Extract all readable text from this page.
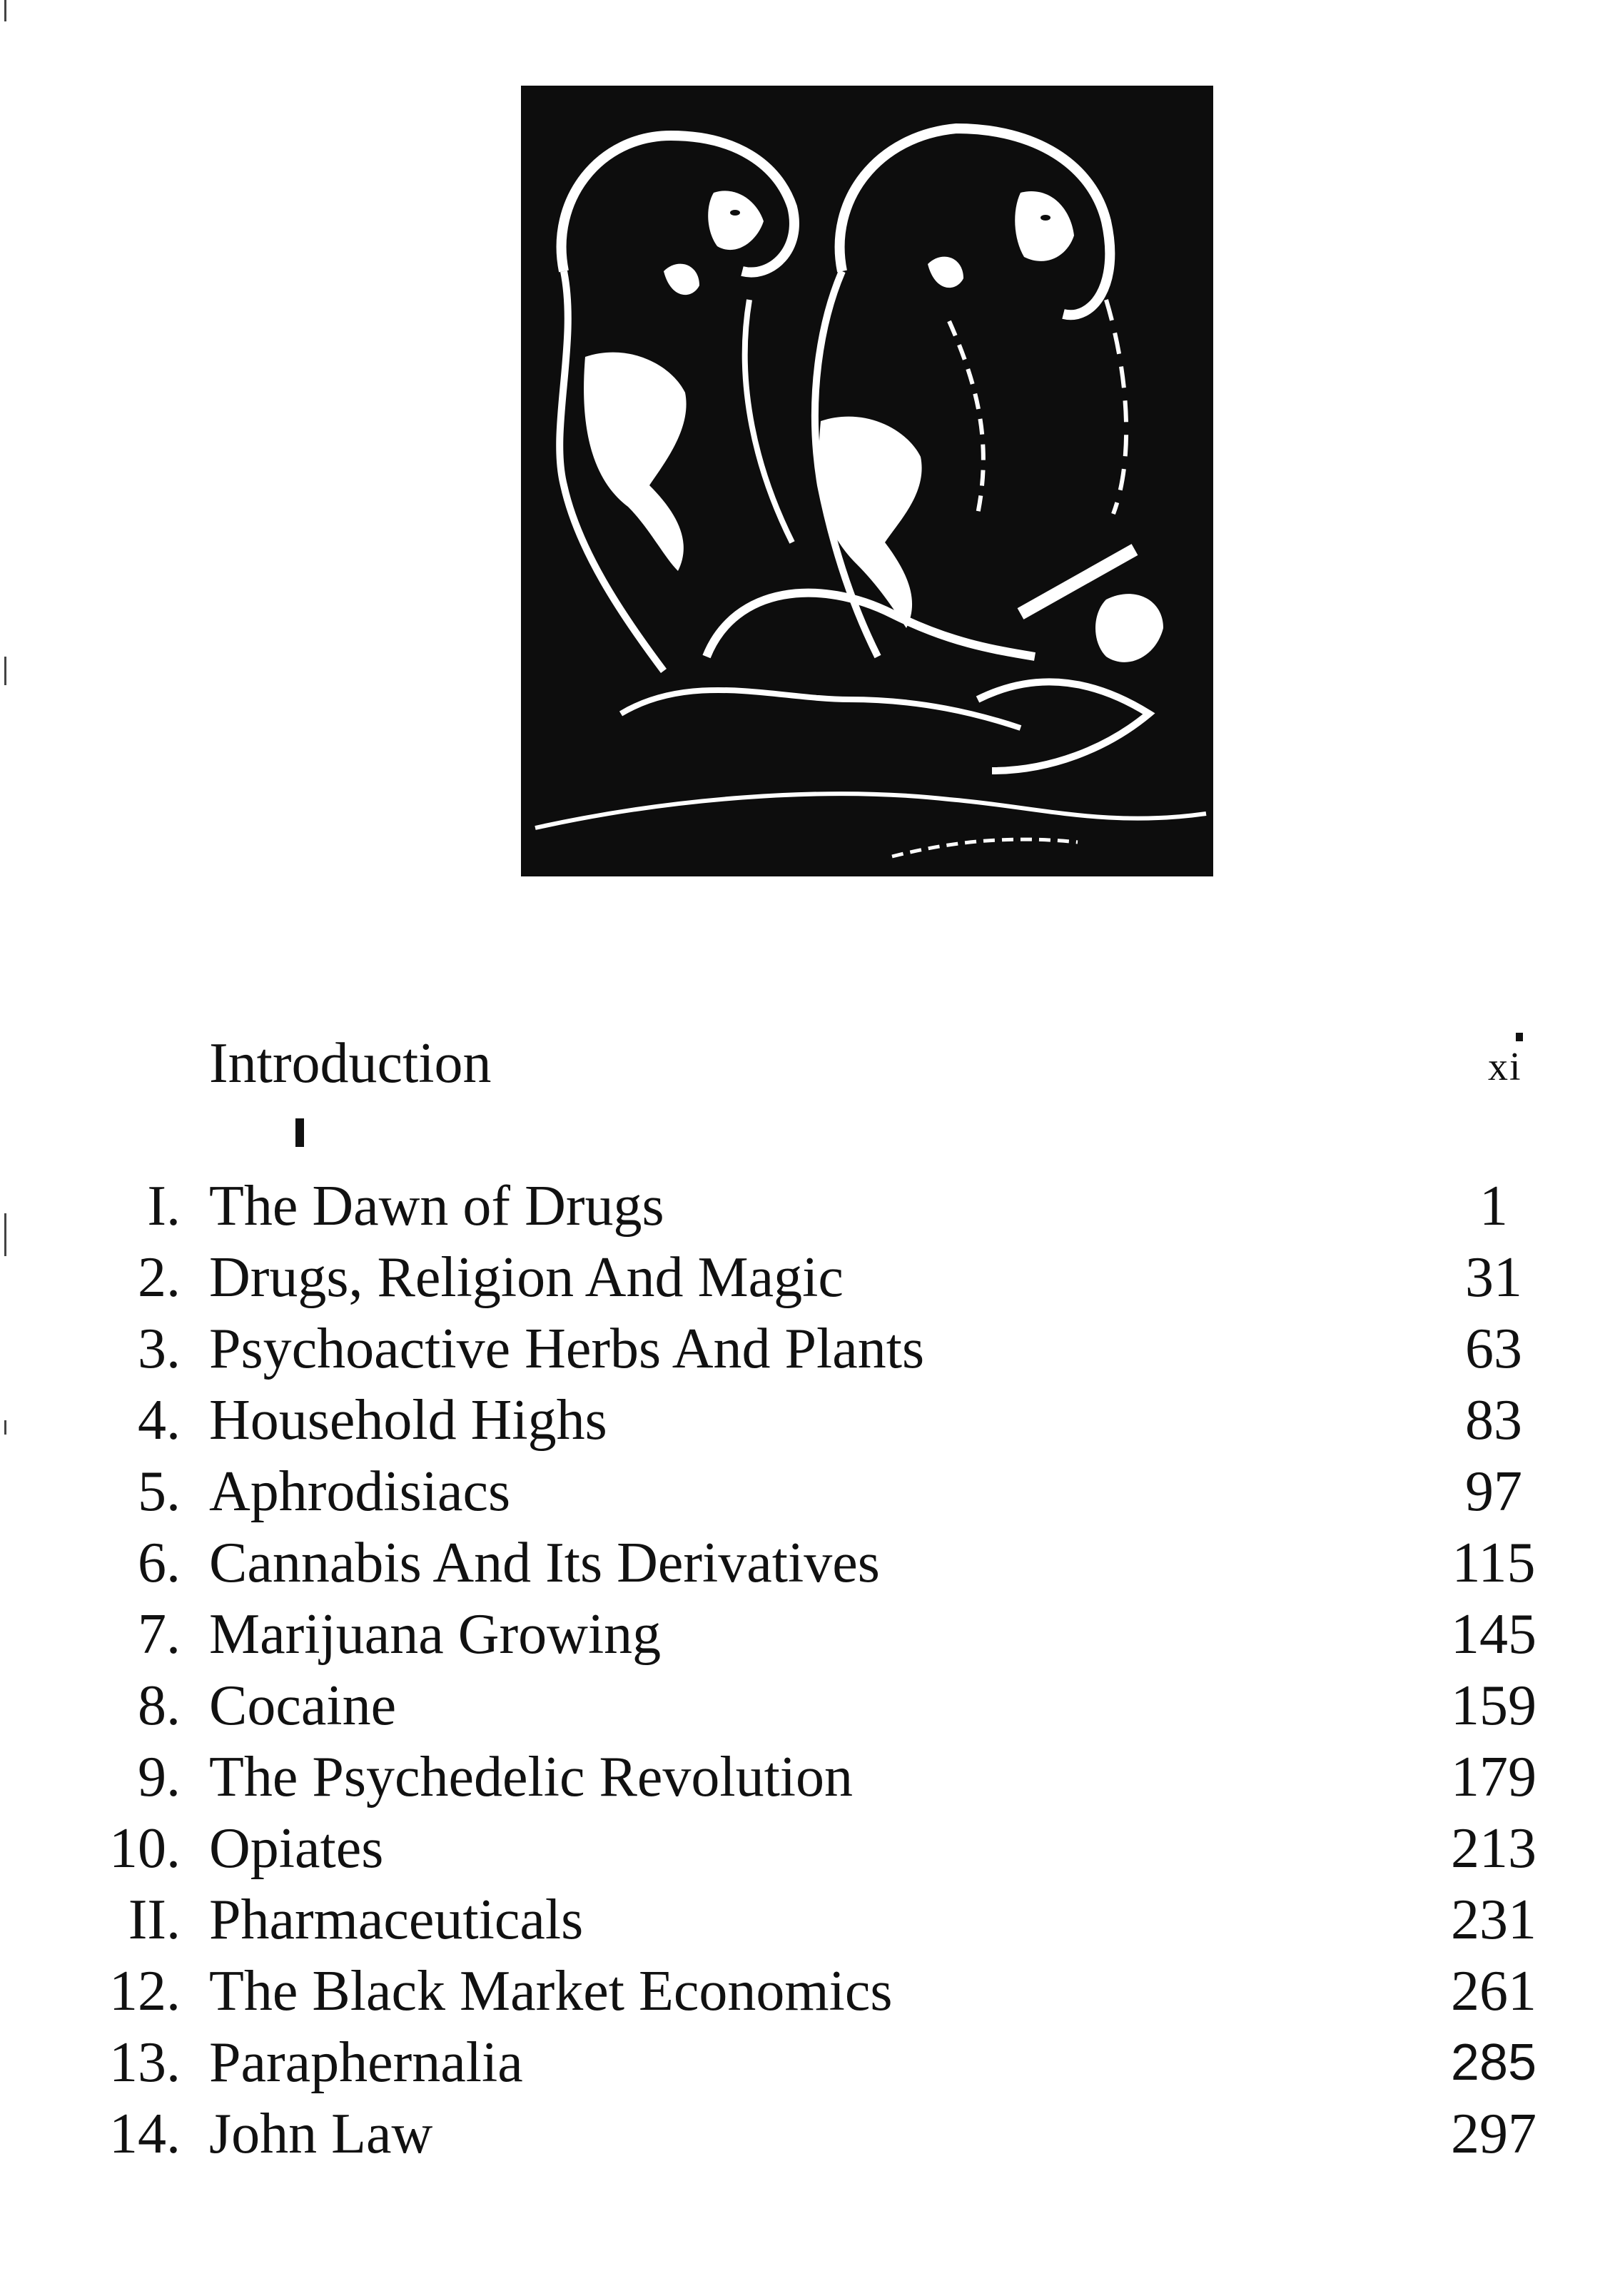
Introduction	xi
I. The Dawn of Drugs	1
2. Drugs, Religion And Magic	31
3. Psychoactive Herbs And Plants	63
4. Household Highs	83
5. Aphrodisiacs	97
6. Cannabis And Its Derivatives	115
7. Marijuana Growing	145
8. Cocaine	159
9. The Psychedelic Revolution	179
10. Opiates	213
II. Pharmaceuticals	231
12. The Black Market Economics	261
13. Paraphernalia	285
14. John Law	297
